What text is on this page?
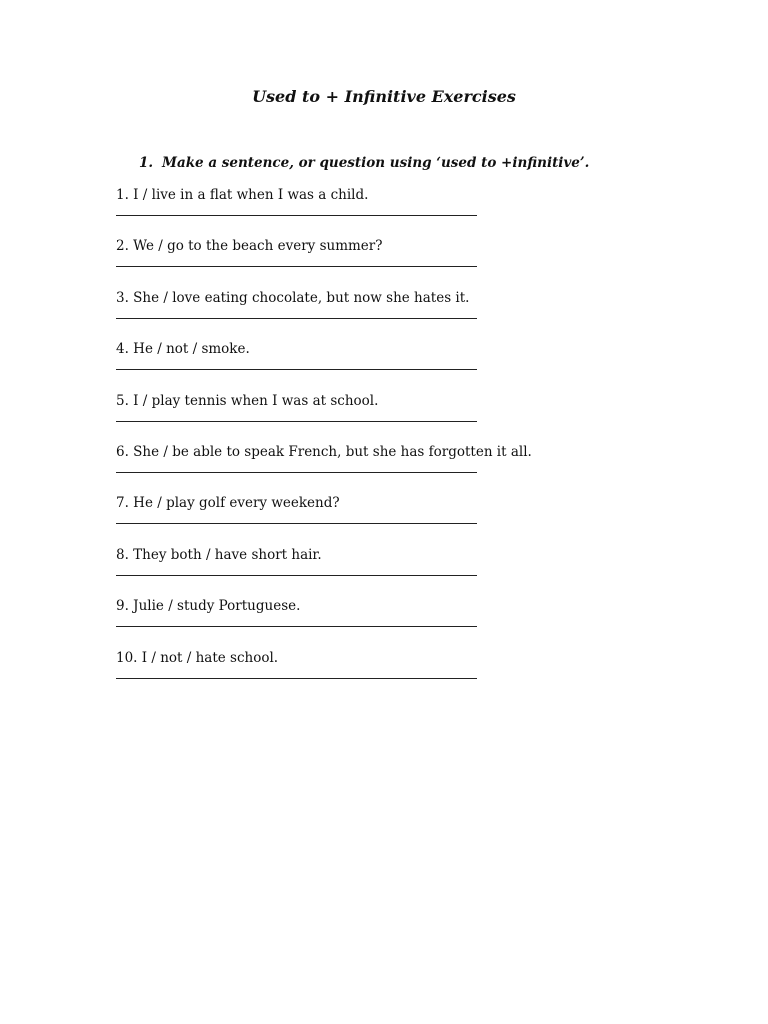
Used to + Infinitive Exercises
1. Make a sentence, or question using ‘used to +infinitive’.
1. I / live in a flat when I was a child.
2. We / go to the beach every summer?
3. She / love eating chocolate, but now she hates it.
4. He / not / smoke.
5. I / play tennis when I was at school.
6. She / be able to speak French, but she has forgotten it all.
7. He / play golf every weekend?
8. They both / have short hair.
9. Julie / study Portuguese.
10. I / not / hate school.
